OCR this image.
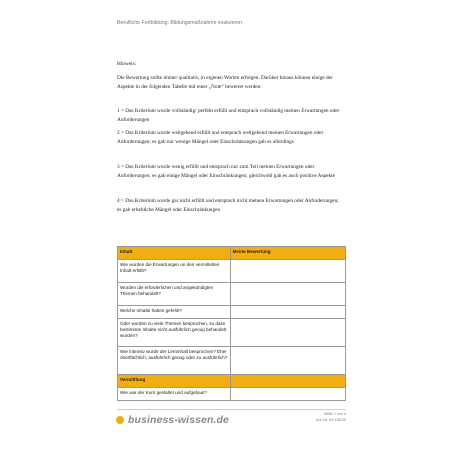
Berufliche Fortbildung: Bildungsmaßnahme evaluieren
Hinweis:
Die Bewertung sollte immer qualitativ, in eigenen Worten erfolgen. Darüber hinaus können einige der Aspekte in der folgenden Tabelle mit einer „Note“ bewertet werden:
1 = Das Kriterium wurde vollständig/ perfekt erfüllt und entsprach vollständig meinen Erwartungen oder Anforderungen
2 = Das Kriterium wurde weitgehend erfüllt und entsprach weitgehend meinen Erwartungen oder Anforderungen; es gab nur wenige Mängel oder Einschränkungen gab es allerdings
3 = Das Kriterium wurde wenig erfüllt und entsprach nur zum Teil meinen Erwartungen oder Anforderungen; es gab einige Mängel oder Einschränkungen; gleichwohl gab es auch positive Aspekte
4 = Das Kriterium wurde gar nicht erfüllt und entsprach nicht meinen Erwartungen oder Anforderungen; es gab erhebliche Mängel oder Einschränkungen
Inhalt	Meine Bewertung
Wie wurden die Erwartungen an den vermittelten Inhalt erfüllt?	
Wurden die erforderlichen und angekündigten Themen behandelt?	
Welche Inhalte haben gefehlt?	
Oder wurden zu viele Themen besprochen, so dass bestimmte Inhalte nicht ausführlich genug behandelt wurden?	
Wie intensiv wurde der Lerninhalt besprochen? Eher oberflächlich, ausführlich genug oder zu ausführlich?	
Vermittlung	
Wie war der Kurs gestaltet und aufgebaut?	
business-wissen.de	Seite 2 von 4
Art.-Nr. 99.138.00
